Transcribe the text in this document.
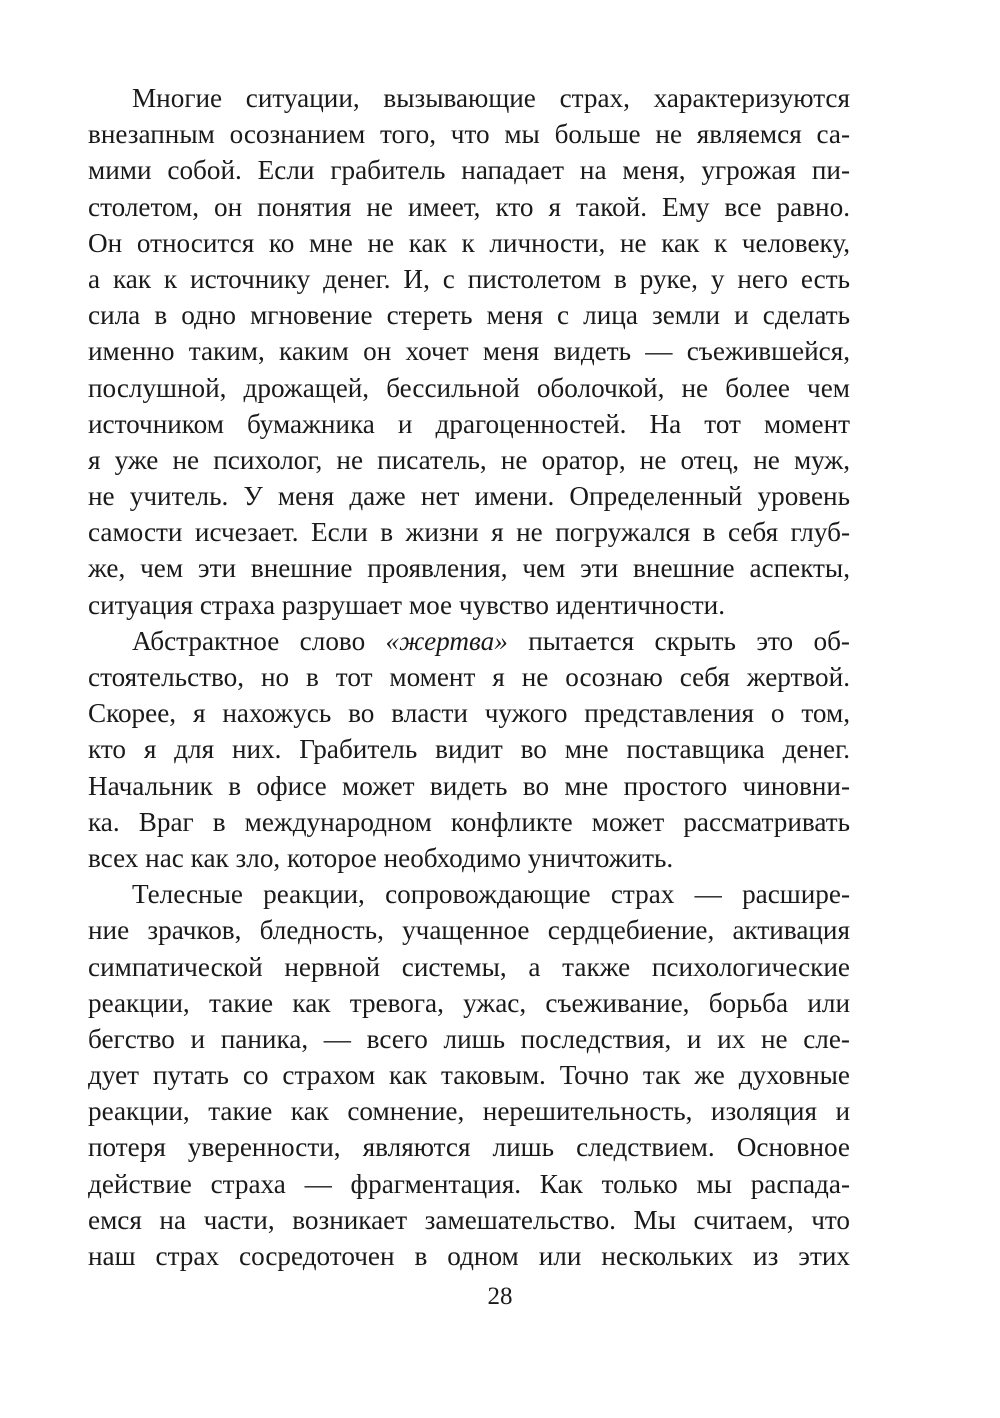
Многие ситуации, вызывающие страх, характеризуются
внезапным осознанием того, что мы больше не являемся са-
мими собой. Если грабитель нападает на меня, угрожая пи-
столетом, он понятия не имеет, кто я такой. Ему все равно.
Он относится ко мне не как к личности, не как к человеку,
а как к источнику денег. И, с пистолетом в руке, у него есть
сила в одно мгновение стереть меня с лица земли и сделать
именно таким, каким он хочет меня видеть — съежившейся,
послушной, дрожащей, бессильной оболочкой, не более чем
источником бумажника и драгоценностей. На тот момент
я уже не психолог, не писатель, не оратор, не отец, не муж,
не учитель. У меня даже нет имени. Определенный уровень
самости исчезает. Если в жизни я не погружался в себя глуб-
же, чем эти внешние проявления, чем эти внешние аспекты,
ситуация страха разрушает мое чувство идентичности.
Абстрактное слово «жертва» пытается скрыть это об-
стоятельство, но в тот момент я не осознаю себя жертвой.
Скорее, я нахожусь во власти чужого представления о том,
кто я для них. Грабитель видит во мне поставщика денег.
Начальник в офисе может видеть во мне простого чиновни-
ка. Враг в международном конфликте может рассматривать
всех нас как зло, которое необходимо уничтожить.
Телесные реакции, сопровождающие страх — расшире-
ние зрачков, бледность, учащенное сердцебиение, активация
симпатической нервной системы, а также психологические
реакции, такие как тревога, ужас, съеживание, борьба или
бегство и паника, — всего лишь последствия, и их не сле-
дует путать со страхом как таковым. Точно так же духовные
реакции, такие как сомнение, нерешительность, изоляция и
потеря уверенности, являются лишь следствием. Основное
действие страха — фрагментация. Как только мы распада-
емся на части, возникает замешательство. Мы считаем, что
наш страх сосредоточен в одном или нескольких из этих
28
